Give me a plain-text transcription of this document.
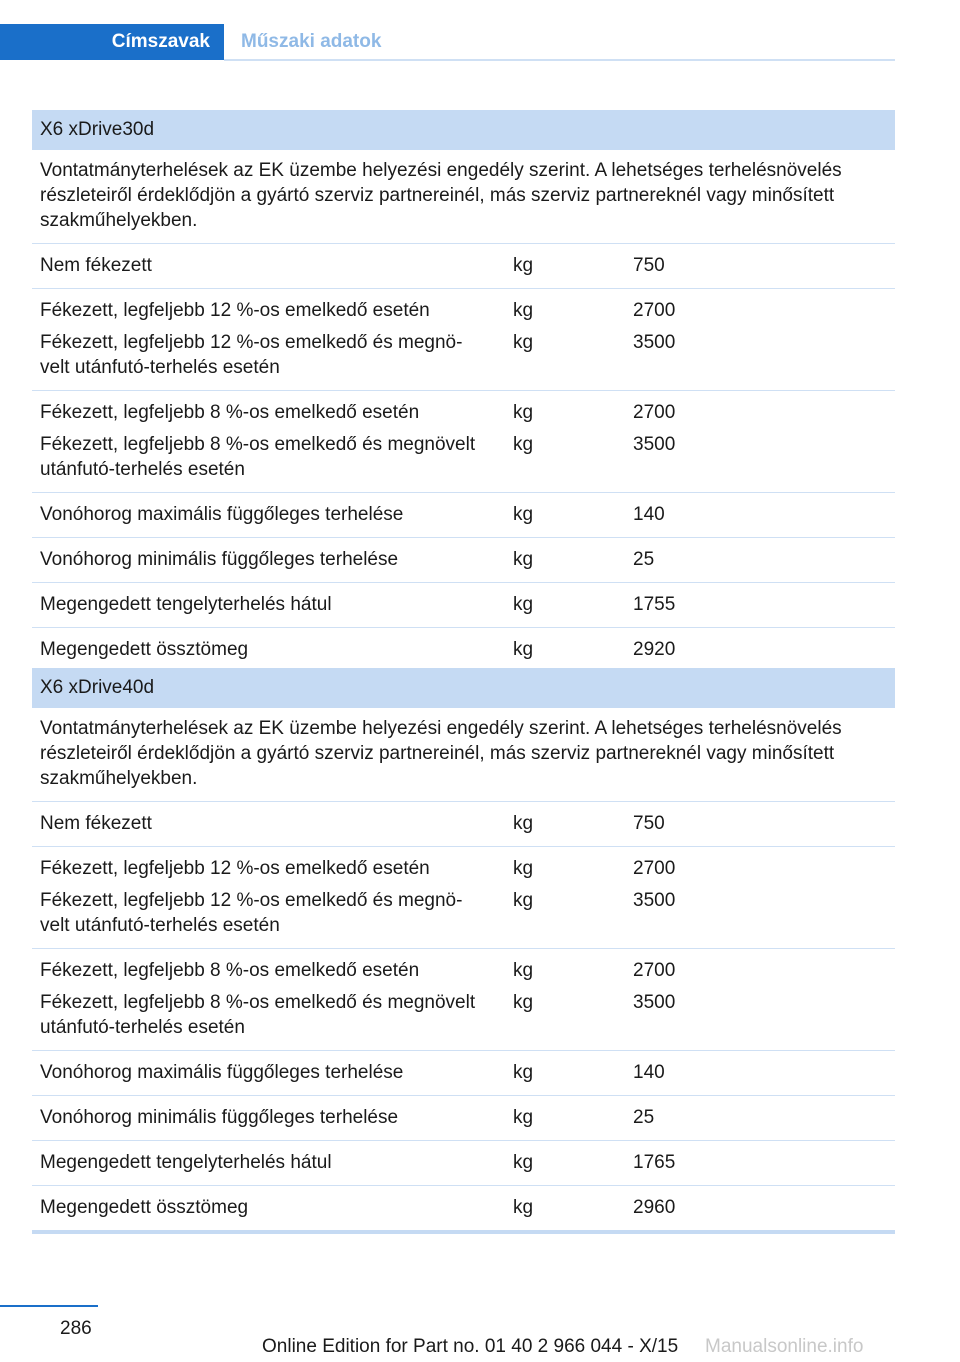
Címszavak	Műszaki adatok
X6 xDrive30d
Vontatmányterhelések az EK üzembe helyezési engedély szerint. A lehetséges terhelésnövelés részleteiről érdeklődjön a gyártó szerviz partnereinél, más szerviz partnereknél vagy minősített szakműhelyekben.
Nem fékezett	kg	750
Fékezett, legfeljebb 12 %-os emelkedő esetén	kg	2700
Fékezett, legfeljebb 12 %-os emelkedő és megnö-
velt utánfutó-terhelés esetén
kg	3500
Fékezett, legfeljebb 8 %-os emelkedő esetén	kg	2700
Fékezett, legfeljebb 8 %-os emelkedő és megnövelt
utánfutó-terhelés esetén
kg	3500
Vonóhorog maximális függőleges terhelése	kg	140
Vonóhorog minimális függőleges terhelése	kg	25
Megengedett tengelyterhelés hátul	kg	1755
Megengedett össztömeg	kg	2920
X6 xDrive40d
Vontatmányterhelések az EK üzembe helyezési engedély szerint. A lehetséges terhelésnövelés részleteiről érdeklődjön a gyártó szerviz partnereinél, más szerviz partnereknél vagy minősített szakműhelyekben.
Nem fékezett	kg	750
Fékezett, legfeljebb 12 %-os emelkedő esetén	kg	2700
Fékezett, legfeljebb 12 %-os emelkedő és megnö-
velt utánfutó-terhelés esetén
kg	3500
Fékezett, legfeljebb 8 %-os emelkedő esetén	kg	2700
Fékezett, legfeljebb 8 %-os emelkedő és megnövelt
utánfutó-terhelés esetén
kg	3500
Vonóhorog maximális függőleges terhelése	kg	140
Vonóhorog minimális függőleges terhelése	kg	25
Megengedett tengelyterhelés hátul	kg	1765
Megengedett össztömeg	kg	2960
286
Online Edition for Part no. 01 40 2 966 044 - X/15 Manualsonline.info
